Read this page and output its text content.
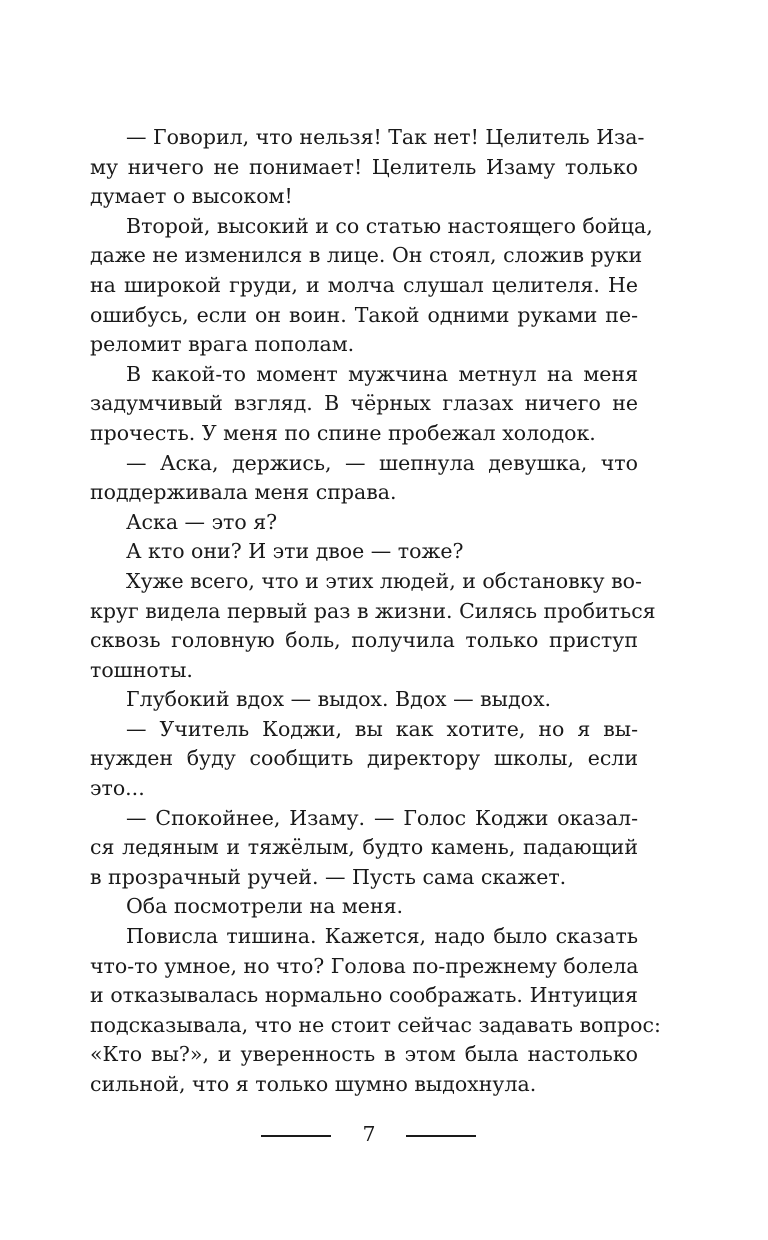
— Говорил, что нельзя! Так нет! Целитель Иза-
му ничего не понимает! Целитель Изаму только
думает о высоком!
Второй, высокий и со статью настоящего бойца,
даже не изменился в лице. Он стоял, сложив руки
на широкой груди, и молча слушал целителя. Не
ошибусь, если он воин. Такой одними руками пе-
реломит врага пополам.
В какой-то момент мужчина метнул на меня
задумчивый взгляд. В чёрных глазах ничего не
прочесть. У меня по спине пробежал холодок.
— Аска, держись, — шепнула девушка, что
поддерживала меня справа.
Аска — это я?
А кто они? И эти двое — тоже?
Хуже всего, что и этих людей, и обстановку во-
круг видела первый раз в жизни. Силясь пробиться
сквозь головную боль, получила только приступ
тошноты.
Глубокий вдох — выдох. Вдох — выдох.
— Учитель Коджи, вы как хотите, но я вы-
нужден буду сообщить директору школы, если
это...
— Спокойнее, Изаму. — Голос Коджи оказал-
ся ледяным и тяжёлым, будто камень, падающий
в прозрачный ручей. — Пусть сама скажет.
Оба посмотрели на меня.
Повисла тишина. Кажется, надо было сказать
что-то умное, но что? Голова по-прежнему болела
и отказывалась нормально соображать. Интуиция
подсказывала, что не стоит сейчас задавать вопрос:
«Кто вы?», и уверенность в этом была настолько
сильной, что я только шумно выдохнула.
7
